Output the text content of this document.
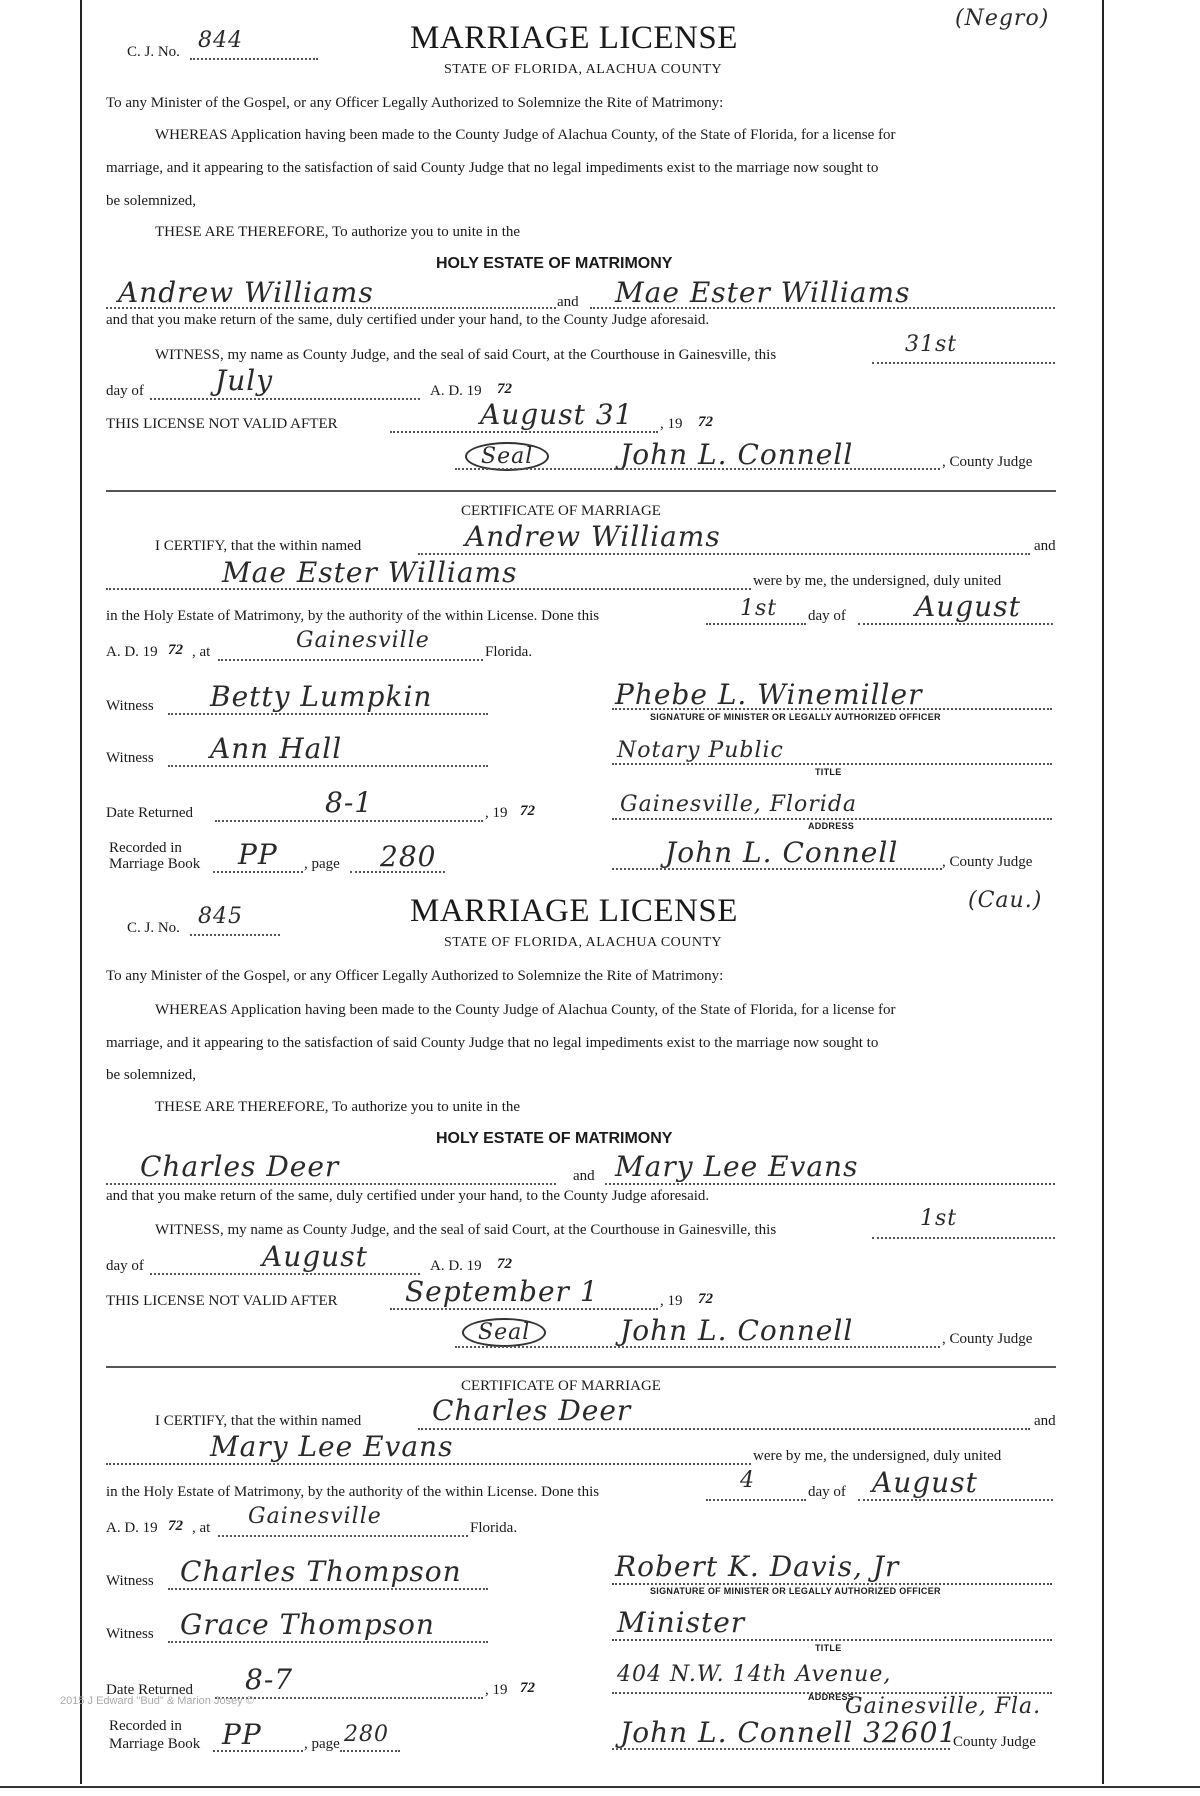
C. J. No. 844	MARRIAGE LICENSE
STATE OF FLORIDA, ALACHUA COUNTY
(Negro)
To any Minister of the Gospel, or any Officer Legally Authorized to Solemnize the Rite of Matrimony:
WHEREAS Application having been made to the County Judge of Alachua County, of the State of Florida, for a license for
marriage, and it appearing to the satisfaction of said County Judge that no legal impediments exist to the marriage now sought to
be solemnized,
THESE ARE THEREFORE, To authorize you to unite in the
HOLY ESTATE OF MATRIMONY
Andrew Williams	and Mae Ester Williams
and that you make return of the same, duly certified under your hand, to the County Judge aforesaid.
WITNESS, my name as County Judge, and the seal of said Court, at the Courthouse in Gainesville, this	31st
day of	July	A. D. 19 72
THIS LICENSE NOT VALID AFTER	August 31 , 19 72
Seal	John L. Connell	, County Judge
CERTIFICATE OF MARRIAGE
I CERTIFY, that the within named	Andrew Williams	and
Mae Ester Williams	were by me, the undersigned, duly united
in the Holy Estate of Matrimony, by the authority of the within License. Done this	1st day of August
A. D. 19 72 , at	Gainesville	Florida.
Witness Betty Lumpkin	Phebe L. Winemiller
SIGNATURE OF MINISTER OR LEGALLY AUTHORIZED OFFICER
Witness Ann Hall	Notary Public
TITLE
Date Returned	8-1	, 19 72	Gainesville, Florida
ADDRESS
Recorded in
Marriage Book PP , page 280	John L. Connell	, County Judge
C. J. No. 845	MARRIAGE LICENSE
STATE OF FLORIDA, ALACHUA COUNTY
(Cau.)
To any Minister of the Gospel, or any Officer Legally Authorized to Solemnize the Rite of Matrimony:
WHEREAS Application having been made to the County Judge of Alachua County, of the State of Florida, for a license for
marriage, and it appearing to the satisfaction of said County Judge that no legal impediments exist to the marriage now sought to
be solemnized,
THESE ARE THEREFORE, To authorize you to unite in the
HOLY ESTATE OF MATRIMONY
Charles Deer	and Mary Lee Evans
and that you make return of the same, duly certified under your hand, to the County Judge aforesaid.
WITNESS, my name as County Judge, and the seal of said Court, at the Courthouse in Gainesville, this	1st
day of	August	A. D. 19 72
THIS LICENSE NOT VALID AFTER September 1	, 19 72
Seal	John L. Connell	, County Judge
CERTIFICATE OF MARRIAGE
I CERTIFY, that the within named	Charles Deer	and
Mary Lee Evans	were by me, the undersigned, duly united
in the Holy Estate of Matrimony, by the authority of the within License. Done this	4	day of August
A. D. 19 72 , at Gainesville	Florida.
Witness Charles Thompson	Robert K. Davis, Jr
SIGNATURE OF MINISTER OR LEGALLY AUTHORIZED OFFICER
Witness Grace Thompson	Minister
TITLE
Date Returned 8-7	, 19 72
404 N.W. 14th Avenue,
ADDRESS
Gainesville, Fla.
Recorded in
Marriage Book PP	, page 280	John L. Connell 32601
County Judge
2015 J Edward "Bud" & Marion Josey ©
